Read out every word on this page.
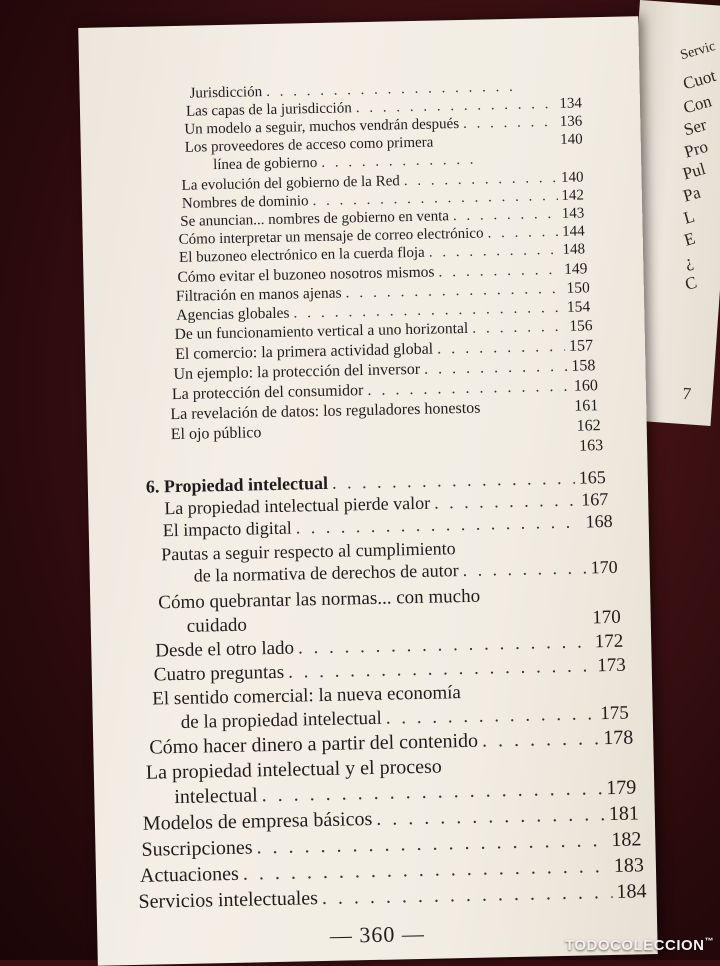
Servic
Cuot
Con
Ser
Pro
Pul
Pa
L
E
¿
C
7
Jurisdicción
. . .
Las capas de la jurisdicción . . .	134
Un modelo a seguir, muchos vendrán después . . .	136
Los proveedores de acceso como primera	140
línea de gobierno
. . .
La evolución del gobierno de la Red . . .	140
Nombres de dominio . . .	142
Se anuncian... nombres de gobierno en venta . . .	143
Cómo interpretar un mensaje de correo electrónico . . .	144
El buzoneo electrónico en la cuerda floja . . .	148
Cómo evitar el buzoneo nosotros mismos . . .	149
Filtración en manos ajenas . . .	150
Agencias globales . . .	154
De un funcionamiento vertical a uno horizontal . . .	156
El comercio: la primera actividad global . . .	157
Un ejemplo: la protección del inversor . . .	158
La protección del consumidor . . .	160
La revelación de datos: los reguladores honestos	161
El ojo público	162
163
6. Propiedad intelectual . . .	165
La propiedad intelectual pierde valor . . .	167
El impacto digital . . .	168
Pautas a seguir respecto al cumplimiento
de la normativa de derechos de autor . . .	170
Cómo quebrantar las normas... con mucho
cuidado	170
Desde el otro lado . . .	172
Cuatro preguntas . . .	173
El sentido comercial: la nueva economía
de la propiedad intelectual . . .	175
Cómo hacer dinero a partir del contenido . . .	178
La propiedad intelectual y el proceso
intelectual . . .	179
Modelos de empresa básicos . . .	181
Suscripciones . . .	182
Actuaciones . . .	183
Servicios intelectuales . . .	184
— 360 —	TODOCOLECCION™
